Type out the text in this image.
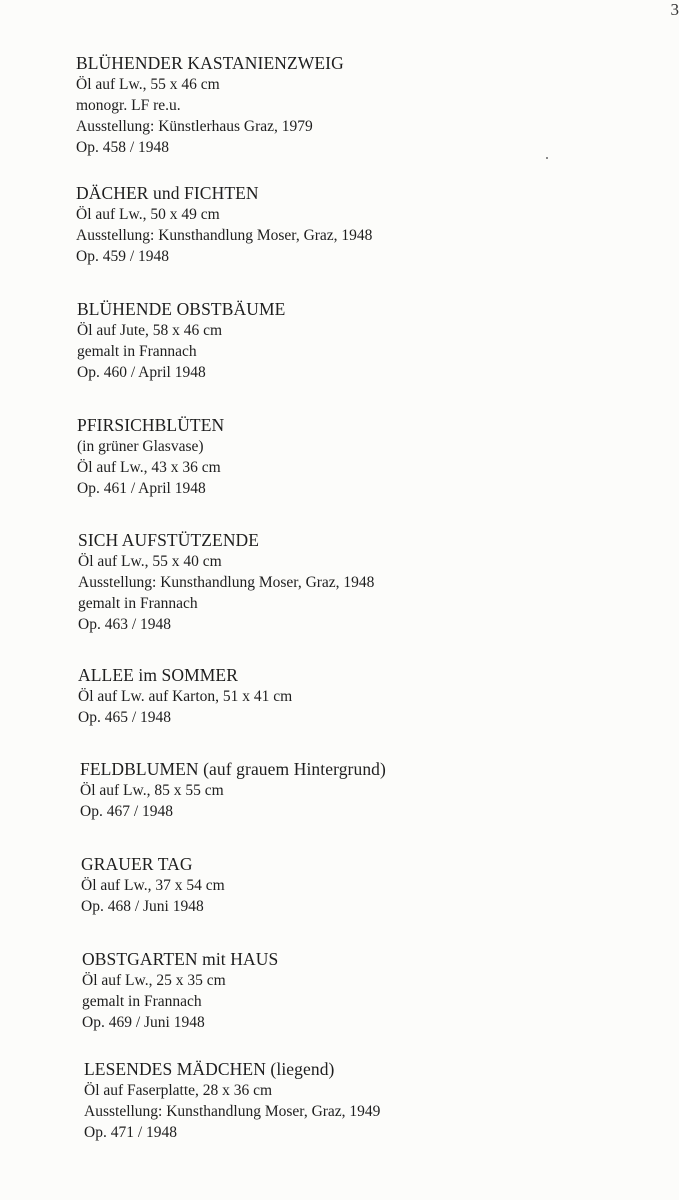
3
BLÜHENDER KASTANIENZWEIG
Öl auf Lw., 55 x 46 cm
monogr. LF re.u.
Ausstellung: Künstlerhaus Graz, 1979
Op. 458 / 1948
DÄCHER und FICHTEN
Öl auf Lw., 50 x 49 cm
Ausstellung: Kunsthandlung Moser, Graz, 1948
Op. 459 / 1948
BLÜHENDE OBSTBÄUME
Öl auf Jute, 58 x 46 cm
gemalt in Frannach
Op. 460 / April 1948
PFIRSICHBLÜTEN
(in grüner Glasvase)
Öl auf Lw., 43 x 36 cm
Op. 461 / April 1948
SICH AUFSTÜTZENDE
Öl auf Lw., 55 x 40 cm
Ausstellung: Kunsthandlung Moser, Graz, 1948
gemalt in Frannach
Op. 463 / 1948
ALLEE im SOMMER
Öl auf Lw. auf Karton, 51 x 41 cm
Op. 465 / 1948
FELDBLUMEN (auf grauem Hintergrund)
Öl auf Lw., 85 x 55 cm
Op. 467 / 1948
GRAUER TAG
Öl auf Lw., 37 x 54 cm
Op. 468 / Juni 1948
OBSTGARTEN mit HAUS
Öl auf Lw., 25 x 35 cm
gemalt in Frannach
Op. 469 / Juni 1948
LESENDES MÄDCHEN (liegend)
Öl auf Faserplatte, 28 x 36 cm
Ausstellung: Kunsthandlung Moser, Graz, 1949
Op. 471 / 1948
